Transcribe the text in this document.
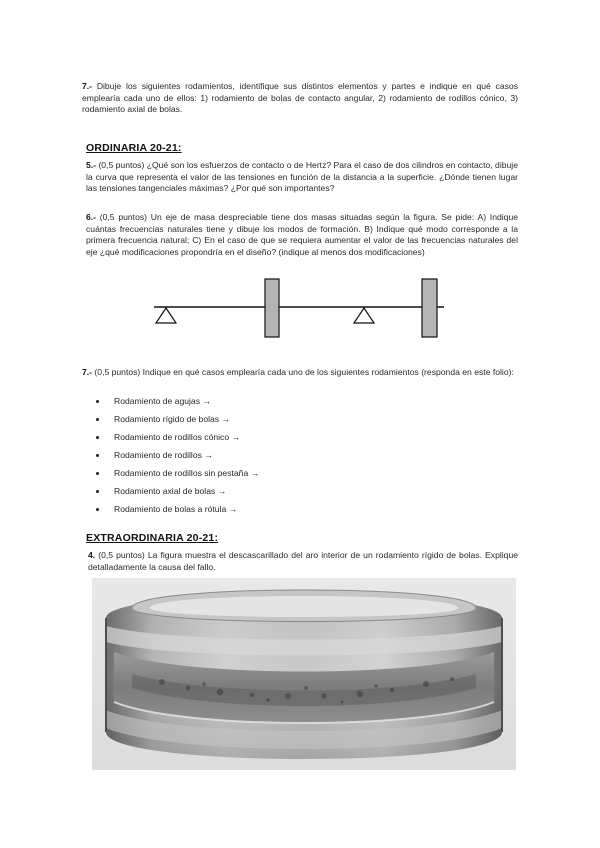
7.- Dibuje los siguientes rodamientos, identifique sus distintos elementos y partes e indique en qué casos emplearía cada uno de ellos: 1) rodamiento de bolas de contacto angular, 2) rodamiento de rodillos cónico, 3) rodamiento axial de bolas.
ORDINARIA 20-21:
5.- (0,5 puntos) ¿Qué son los esfuerzos de contacto o de Hertz? Para el caso de dos cilindros en contacto, dibuje la curva que representa el valor de las tensiones en función de la distancia a la superficie. ¿Dónde tienen lugar las tensiones tangenciales máximas? ¿Por qué son importantes?
6.- (0,5 puntos) Un eje de masa despreciable tiene dos masas situadas según la figura. Se pide: A) Indique cuántas frecuencias naturales tiene y dibuje los modos de formación. B) Indique qué modo corresponde a la primera frecuencia natural; C) En el caso de que se requiera aumentar el valor de las frecuencias naturales del eje ¿qué modificaciones propondría en el diseño? (indique al menos dos modificaciones)
7.- (0,5 puntos) Indique en qué casos emplearía cada uno de los siguientes rodamientos (responda en este folio):
Rodamiento de agujas →
Rodamiento rígido de bolas →
Rodamiento de rodillos cónico →
Rodamiento de rodillos →
Rodamiento de rodillos sin pestaña →
Rodamiento axial de bolas →
Rodamiento de bolas a rótula →
EXTRAORDINARIA 20-21:
4. (0,5 puntos) La figura muestra el descascarillado del aro interior de un rodamiento rígido de bolas. Explique detalladamente la causa del fallo.
